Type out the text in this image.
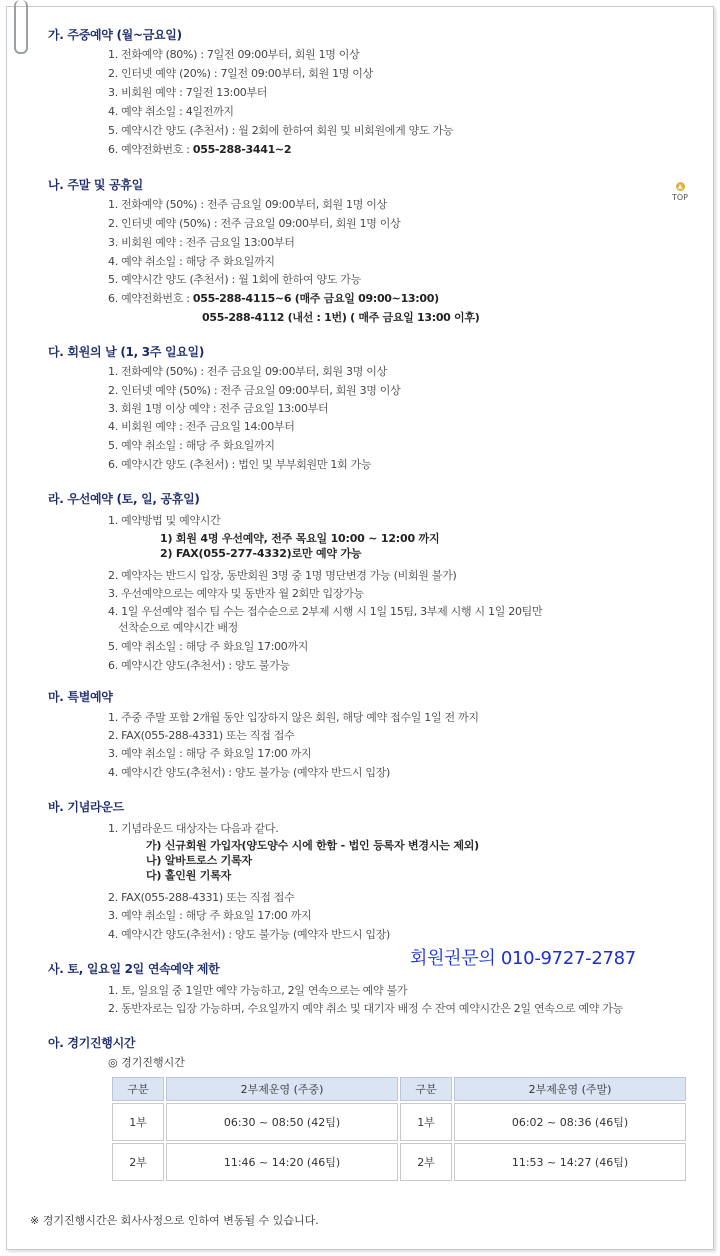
가. 주중예약 (월~금요일)
1. 전화예약 (80%) : 7일전 09:00부터, 회원 1명 이상
2. 인터넷 예약 (20%) : 7일전 09:00부터, 회원 1명 이상
3. 비회원 예약 : 7일전 13:00부터
4. 예약 취소일 : 4일전까지
5. 예약시간 양도 (추천서) : 월 2회에 한하여 회원 및 비회원에게 양도 가능
6. 예약전화번호 : 055-288-3441~2
나. 주말 및 공휴일	▲
TOP
1. 전화예약 (50%) : 전주 금요일 09:00부터, 회원 1명 이상
2. 인터넷 예약 (50%) : 전주 금요일 09:00부터, 회원 1명 이상
3. 비회원 예약 : 전주 금요일 13:00부터
4. 예약 취소일 : 해당 주 화요일까지
5. 예약시간 양도 (추천서) : 월 1회에 한하여 양도 가능
6. 예약전화번호 : 055-288-4115~6 (매주 금요일 09:00~13:00)
055-288-4112 (내선 : 1번) ( 매주 금요일 13:00 이후)
다. 회원의 날 (1, 3주 일요일)
1. 전화예약 (50%) : 전주 금요일 09:00부터, 회원 3명 이상
2. 인터넷 예약 (50%) : 전주 금요일 09:00부터, 회원 3명 이상
3. 회원 1명 이상 예약 : 전주 금요일 13:00부터
4. 비회원 예약 : 전주 금요일 14:00부터
5. 예약 취소일 : 해당 주 화요일까지
6. 예약시간 양도 (추천서) : 법인 및 부부회원만 1회 가능
라. 우선예약 (토, 일, 공휴일)
1. 예약방법 및 예약시간
1) 회원 4명 우선예약, 전주 목요일 10:00 ~ 12:00 까지
2) FAX(055-277-4332)로만 예약 가능
2. 예약자는 반드시 입장, 동반회원 3명 중 1명 명단변경 가능 (비회원 불가)
3. 우선예약으로는 예약자 및 동반자 월 2회만 입장가능
4. 1일 우선예약 접수 팀 수는 접수순으로 2부제 시행 시 1일 15팀, 3부제 시행 시 1일 20팀만
선착순으로 예약시간 배정
5. 예약 취소일 : 해당 주 화요일 17:00까지
6. 예약시간 양도(추천서) : 양도 불가능
마. 특별예약
1. 주중 주말 포함 2개월 동안 입장하지 않은 회원, 해당 예약 접수일 1일 전 까지
2. FAX(055-288-4331) 또는 직접 접수
3. 예약 취소일 : 해당 주 화요일 17:00 까지
4. 예약시간 양도(추천서) : 양도 불가능 (예약자 반드시 입장)
바. 기념라운드
1. 기념라운드 대상자는 다음과 같다.
가) 신규회원 가입자(양도양수 시에 한함 - 법인 등록자 변경시는 제외)
나) 알바트로스 기록자
다) 홀인원 기록자
2. FAX(055-288-4331) 또는 직접 접수
3. 예약 취소일 : 해당 주 화요일 17:00 까지
4. 예약시간 양도(추천서) : 양도 불가능 (예약자 반드시 입장)
회원권문의 010-9727-2787
사. 토, 일요일 2일 연속예약 제한
1. 토, 일요일 중 1일만 예약 가능하고, 2일 연속으로는 예약 불가
2. 동반자로는 입장 가능하며, 수요일까지 예약 취소 및 대기자 배정 수 잔여 예약시간은 2일 연속으로 예약 가능
아. 경기진행시간
◎ 경기진행시간
구분	2부제운영 (주중)	구분	2부제운영 (주말)
1부	06:30 ~ 08:50 (42팀)	1부	06:02 ~ 08:36 (46팀)
2부	11:46 ~ 14:20 (46팀)	2부	11:53 ~ 14:27 (46팀)
※ 경기진행시간은 회사사정으로 인하여 변동될 수 있습니다.
